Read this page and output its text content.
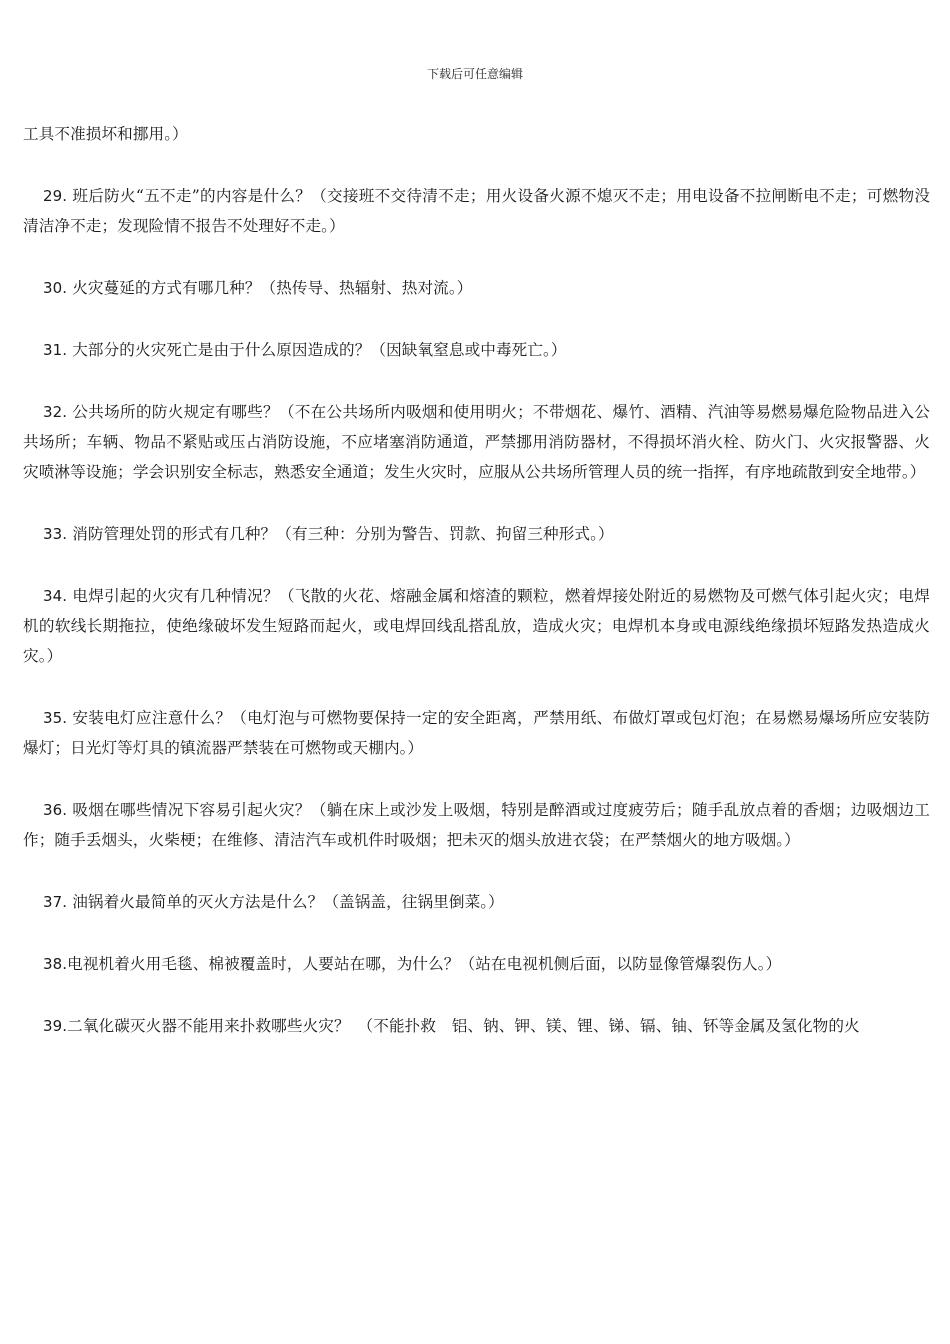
下载后可任意编辑

工具不准损坏和挪用。）

29. 班后防火“五不走”的内容是什么？（交接班不交待清不走；用火设备火源不熄灭不走；用电设备不拉闸断电不走；可燃物没清洁净不走；发现险情不报告不处理好不走。）

30. 火灾蔓延的方式有哪几种？（热传导、热辐射、热对流。）

31. 大部分的火灾死亡是由于什么原因造成的？（因缺氧窒息或中毒死亡。）

32. 公共场所的防火规定有哪些？（不在公共场所内吸烟和使用明火；不带烟花、爆竹、酒精、汽油等易燃易爆危险物品进入公共场所；车辆、物品不紧贴或压占消防设施，不应堵塞消防通道，严禁挪用消防器材，不得损坏消火栓、防火门、火灾报警器、火灾喷淋等设施；学会识别安全标志，熟悉安全通道；发生火灾时，应服从公共场所管理人员的统一指挥，有序地疏散到安全地带。）

33. 消防管理处罚的形式有几种？（有三种：分别为警告、罚款、拘留三种形式。）

34. 电焊引起的火灾有几种情况？（飞散的火花、熔融金属和熔渣的颗粒，燃着焊接处附近的易燃物及可燃气体引起火灾；电焊机的软线长期拖拉，使绝缘破坏发生短路而起火，或电焊回线乱搭乱放，造成火灾；电焊机本身或电源线绝缘损坏短路发热造成火灾。）

35. 安装电灯应注意什么？（电灯泡与可燃物要保持一定的安全距离，严禁用纸、布做灯罩或包灯泡；在易燃易爆场所应安装防爆灯；日光灯等灯具的镇流器严禁装在可燃物或天棚内。）

36. 吸烟在哪些情况下容易引起火灾？（躺在床上或沙发上吸烟，特别是醉酒或过度疲劳后；随手乱放点着的香烟；边吸烟边工作；随手丢烟头，火柴梗；在维修、清洁汽车或机件时吸烟；把未灭的烟头放进衣袋；在严禁烟火的地方吸烟。）

37. 油锅着火最简单的灭火方法是什么？（盖锅盖，往锅里倒菜。）

38.电视机着火用毛毯、棉被覆盖时，人要站在哪，为什么？（站在电视机侧后面，以防显像管爆裂伤人。）

39.二氧化碳灭火器不能用来扑救哪些火灾？　（不能扑救　铝、钠、钾、镁、锂、锑、镉、铀、钚等金属及氢化物的火
